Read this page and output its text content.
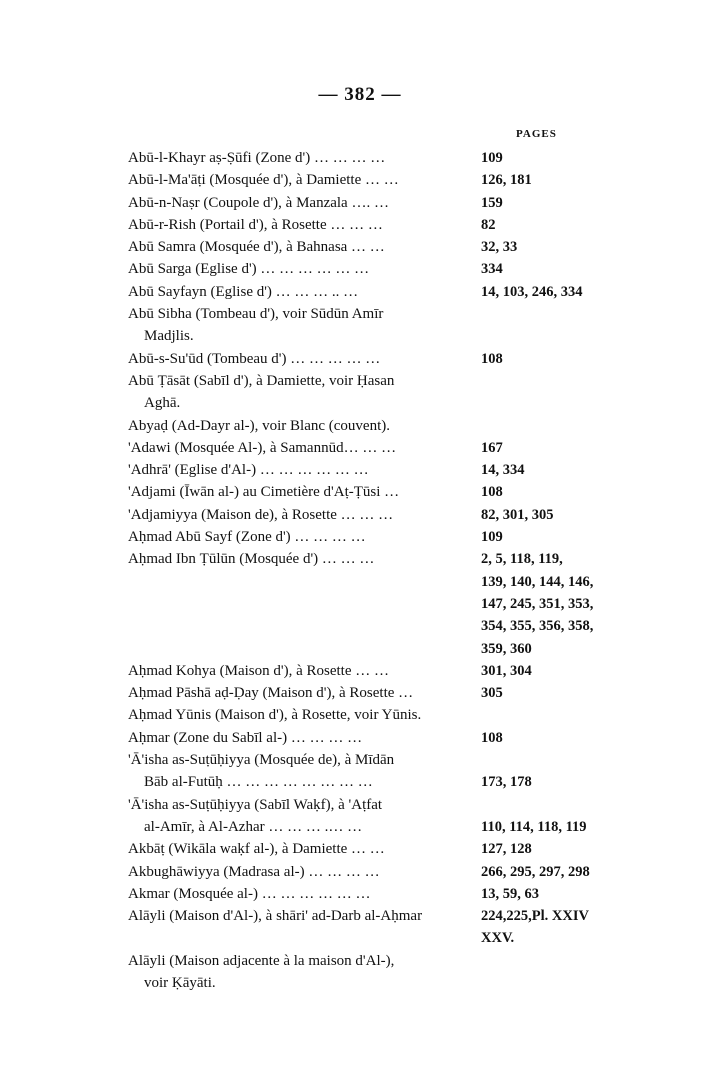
— 382 —
PAGES
Abū-l-Khayr aṣ-Ṣūfi (Zone d') … … … …	109
Abū-l-Ma'āṭi (Mosquée d'), à Damiette … …	126, 181
Abū-n-Naṣr (Coupole d'), à Manzala …. …	159
Abū-r-Rish (Portail d'), à Rosette … … …	82
Abū Samra (Mosquée d'), à Bahnasa … …	32, 33
Abū Sarga (Eglise d') … … … … … …	334
Abū Sayfayn (Eglise d') … … … .. …	14, 103, 246, 334
Abū Sibha (Tombeau d'), voir Sūdūn Amīr
Madjlis.
Abū-s-Su'ūd (Tombeau d') … … … … …	108
Abū Ṭāsāt (Sabīl d'), à Damiette, voir Ḥasan
Aghā.
Abyaḍ (Ad-Dayr al-), voir Blanc (couvent).
'Adawi (Mosquée Al-), à Samannūd… … …	167
'Adhrā' (Eglise d'Al-) … … … … … …	14, 334
'Adjami (Īwān al-) au Cimetière d'Aṭ-Ṭūsi …	108
'Adjamiyya (Maison de), à Rosette … … …	82, 301, 305
Aḥmad Abū Sayf (Zone d') … … … …	109
Aḥmad Ibn Ṭūlūn (Mosquée d') … … …	2, 5, 118, 119,
139, 140, 144, 146,
147, 245, 351, 353,
354, 355, 356, 358,
359, 360
Aḥmad Kohya (Maison d'), à Rosette … …	301, 304
Aḥmad Pāshā aḍ-Ḍay (Maison d'), à Rosette …	305
Aḥmad Yūnis (Maison d'), à Rosette, voir Yūnis.
Aḥmar (Zone du Sabīl al-) … … … …	108
'Ā'isha as-Suṭūḥiyya (Mosquée de), à Mīdān
Bāb al-Futūḥ … … … … … … … …	173, 178
'Ā'isha as-Suṭūḥiyya (Sabīl Waḳf), à 'Aṭfat
al-Amīr, à Al-Azhar … … … .… …	110, 114, 118, 119
Akbāṭ (Wikāla waḳf al-), à Damiette … …	127, 128
Akbughāwiyya (Madrasa al-) … … … …	266, 295, 297, 298
Akmar (Mosquée al-) … … … … … …	13, 59, 63
Alāyli (Maison d'Al-), à shāri' ad-Darb al-Aḥmar	224,225,Pl. XXIV
XXV.
Alāyli (Maison adjacente à la maison d'Al-),
voir Ḳāyāti.
